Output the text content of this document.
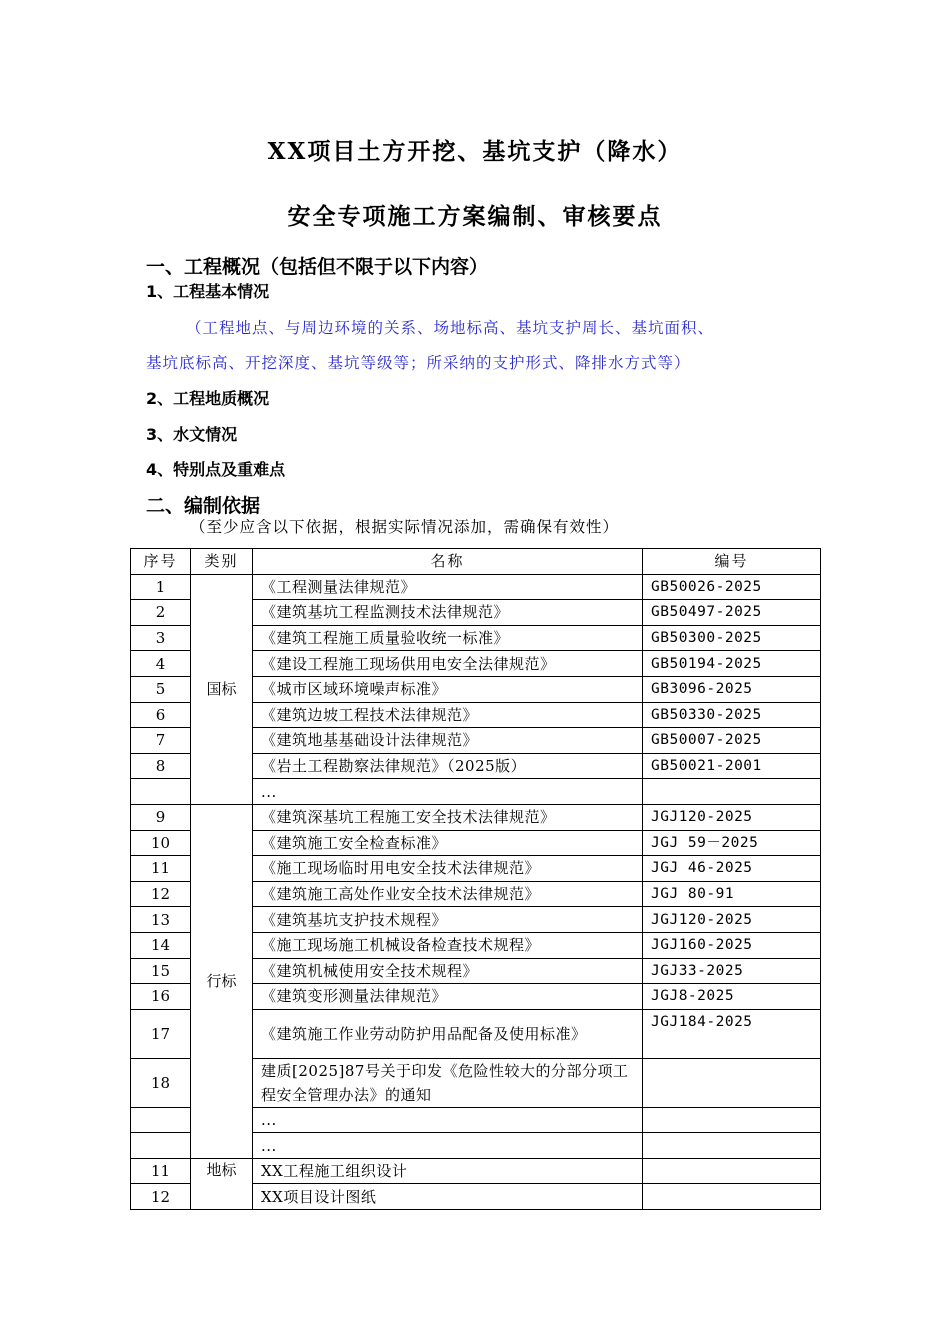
XX项目土方开挖、基坑支护（降水）
安全专项施工方案编制、审核要点
一、工程概况（包括但不限于以下内容）
1、工程基本情况
（工程地点、与周边环境的关系、场地标高、基坑支护周长、基坑面积、
基坑底标高、开挖深度、基坑等级等；所采纳的支护形式、降排水方式等）
2、工程地质概况
3、水文情况
4、特别点及重难点
二、编制依据
（至少应含以下依据，根据实际情况添加，需确保有效性）
序号	类别	名称	编号
1	国标	《工程测量法律规范》	GB50026-2025
2		《建筑基坑工程监测技术法律规范》	GB50497-2025
3		《建筑工程施工质量验收统一标准》	GB50300-2025
4		《建设工程施工现场供用电安全法律规范》	GB50194-2025
5		《城市区域环境噪声标准》	GB3096-2025
6		《建筑边坡工程技术法律规范》	GB50330-2025
7		《建筑地基基础设计法律规范》	GB50007-2025
8		《岩土工程勘察法律规范》（2025版）	GB50021-2001
		...	
9	行标	《建筑深基坑工程施工安全技术法律规范》	JGJ120-2025
10		《建筑施工安全检查标准》	JGJ 59－2025
11		《施工现场临时用电安全技术法律规范》	JGJ 46-2025
12		《建筑施工高处作业安全技术法律规范》	JGJ 80-91
13		《建筑基坑支护技术规程》	JGJ120-2025
14		《施工现场施工机械设备检查技术规程》	JGJ160-2025
15		《建筑机械使用安全技术规程》	JGJ33-2025
16		《建筑变形测量法律规范》	JGJ8-2025
17		《建筑施工作业劳动防护用品配备及使用标准》	JGJ184-2025
18		建质[2025]87号关于印发《危险性较大的分部分项工程安全管理办法》的通知	
		...	
		...	
11	地标	XX工程施工组织设计	
12		XX项目设计图纸	
